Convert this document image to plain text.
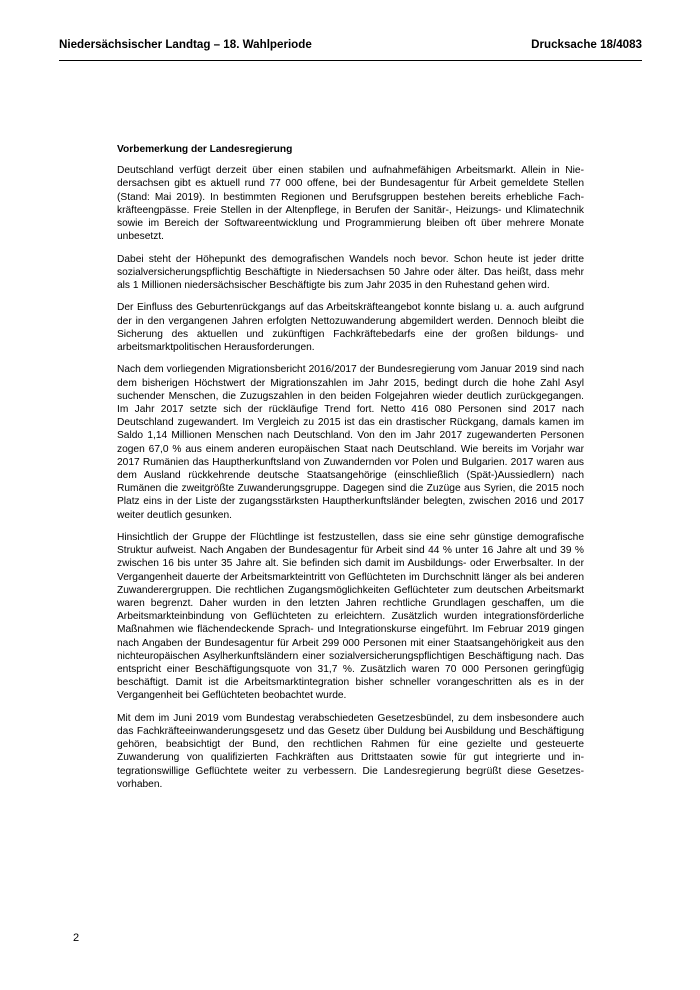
Niedersächsischer Landtag – 18. Wahlperiode	Drucksache 18/4083
Vorbemerkung der Landesregierung

Deutschland verfügt derzeit über einen stabilen und aufnahmefähigen Arbeitsmarkt. Allein in Niedersachsen gibt es aktuell rund 77 000 offene, bei der Bundesagentur für Arbeit gemeldete Stellen (Stand: Mai 2019). In bestimmten Regionen und Berufsgruppen bestehen bereits erhebliche Fachkräfteengpässe. Freie Stellen in der Altenpflege, in Berufen der Sanitär-, Heizungs- und Klimatechnik sowie im Bereich der Softwareentwicklung und Programmierung bleiben oft über mehrere Monate unbesetzt.

Dabei steht der Höhepunkt des demografischen Wandels noch bevor. Schon heute ist jeder dritte sozialversicherungspflichtig Beschäftigte in Niedersachsen 50 Jahre oder älter. Das heißt, dass mehr als 1 Millionen niedersächsischer Beschäftigte bis zum Jahr 2035 in den Ruhestand gehen wird.

Der Einfluss des Geburtenrückgangs auf das Arbeitskräfteangebot konnte bislang u. a. auch aufgrund der in den vergangenen Jahren erfolgten Nettozuwanderung abgemildert werden. Dennoch bleibt die Sicherung des aktuellen und zukünftigen Fachkräftebedarfs eine der großen bildungs- und arbeitsmarktpolitischen Herausforderungen.

Nach dem vorliegenden Migrationsbericht 2016/2017 der Bundesregierung vom Januar 2019 sind nach dem bisherigen Höchstwert der Migrationszahlen im Jahr 2015, bedingt durch die hohe Zahl Asyl suchender Menschen, die Zuzugszahlen in den beiden Folgejahren wieder deutlich zurückgegangen. Im Jahr 2017 setzte sich der rückläufige Trend fort. Netto 416 080 Personen sind 2017 nach Deutschland zugewandert. Im Vergleich zu 2015 ist das ein drastischer Rückgang, damals kamen im Saldo 1,14 Millionen Menschen nach Deutschland. Von den im Jahr 2017 zugewanderten Personen zogen 67,0 % aus einem anderen europäischen Staat nach Deutschland. Wie bereits im Vorjahr war 2017 Rumänien das Hauptherkunftsland von Zuwandernden vor Polen und Bulgarien. 2017 waren aus dem Ausland rückkehrende deutsche Staatsangehörige (einschließlich (Spät-)Aussiedlern) nach Rumänen die zweitgrößte Zuwanderungsgruppe. Dagegen sind die Zuzüge aus Syrien, die 2015 noch Platz eins in der Liste der zugangsstärksten Hauptherkunftsländer belegten, zwischen 2016 und 2017 weiter deutlich gesunken.

Hinsichtlich der Gruppe der Flüchtlinge ist festzustellen, dass sie eine sehr günstige demografische Struktur aufweist. Nach Angaben der Bundesagentur für Arbeit sind 44 % unter 16 Jahre alt und 39 % zwischen 16 bis unter 35 Jahre alt. Sie befinden sich damit im Ausbildungs- oder Erwerbsalter. In der Vergangenheit dauerte der Arbeitsmarkteintritt von Geflüchteten im Durchschnitt länger als bei anderen Zuwanderergruppen. Die rechtlichen Zugangsmöglichkeiten Geflüchteter zum deutschen Arbeitsmarkt waren begrenzt. Daher wurden in den letzten Jahren rechtliche Grundlagen geschaffen, um die Arbeitsmarkteinbindung von Geflüchteten zu erleichtern. Zusätzlich wurden integrationsförderliche Maßnahmen wie flächendeckende Sprach- und Integrationskurse eingeführt. Im Februar 2019 gingen nach Angaben der Bundesagentur für Arbeit 299 000 Personen mit einer Staatsangehörigkeit aus den nichteuropäischen Asylherkunftsländern einer sozialversicherungspflichtigen Beschäftigung nach. Das entspricht einer Beschäftigungsquote von 31,7 %. Zusätzlich waren 70 000 Personen geringfügig beschäftigt. Damit ist die Arbeitsmarktintegration bisher schneller vorangeschritten als es in der Vergangenheit bei Geflüchteten beobachtet wurde.

Mit dem im Juni 2019 vom Bundestag verabschiedeten Gesetzesbündel, zu dem insbesondere auch das Fachkräfteeinwanderungsgesetz und das Gesetz über Duldung bei Ausbildung und Beschäftigung gehören, beabsichtigt der Bund, den rechtlichen Rahmen für eine gezielte und gesteuerte Zuwanderung von qualifizierten Fachkräften aus Drittstaaten sowie für gut integrierte und integrationswillige Geflüchtete weiter zu verbessern. Die Landesregierung begrüßt diese Gesetzesvorhaben.

2
